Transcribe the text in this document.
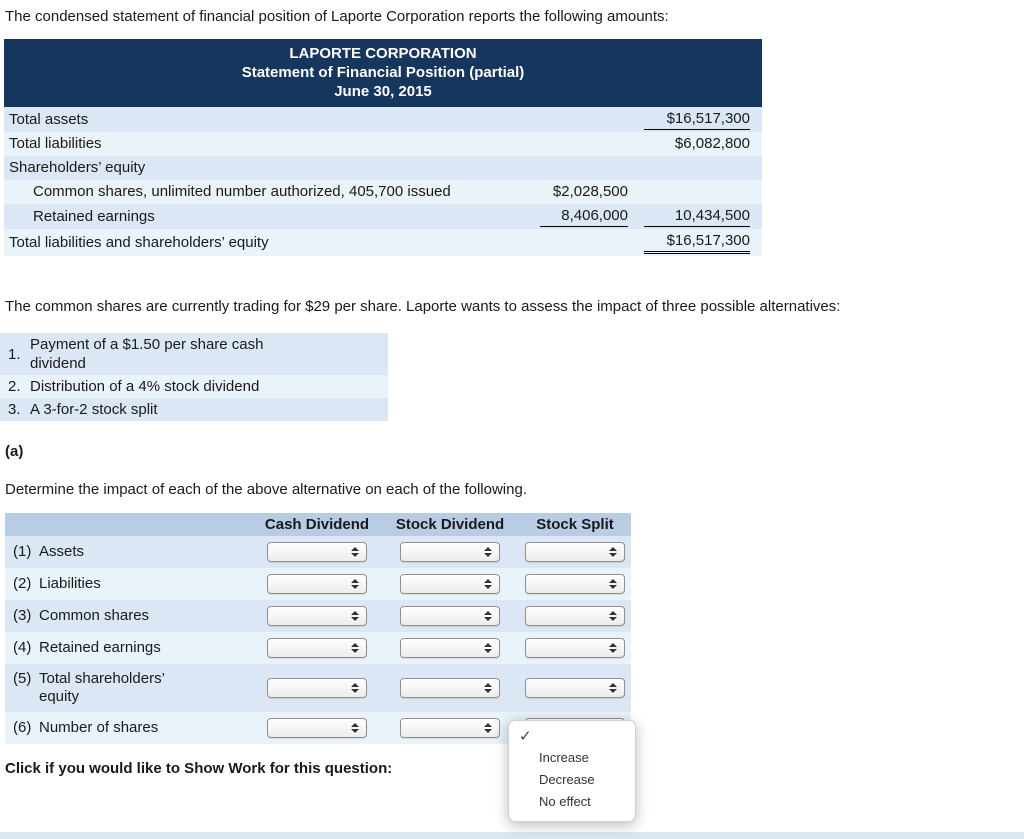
The condensed statement of financial position of Laporte Corporation reports the following amounts:

LAPORTE CORPORATION
Statement of Financial Position (partial)
June 30, 2015
Total assets		$16,517,300
Total liabilities		$6,082,800
Shareholders’ equity		
Common shares, unlimited number authorized, 405,700 issued	$2,028,500	
Retained earnings	8,406,000	10,434,500
Total liabilities and shareholders’ equity		$16,517,300

The common shares are currently trading for $29 per share. Laporte wants to assess the impact of three possible alternatives:

1.
Payment of a $1.50 per share cash dividend
2. Distribution of a 4% stock dividend
3. A 3-for-2 stock split

(a)

Determine the impact of each of the above alternative on each of the following.

	Cash Dividend	Stock Dividend	Stock Split
(1) Assets	

(2) Liabilities	

(3) Common shares	

(4) Retained earnings	

(5) Total shareholders’ equity	

(6) Number of shares	

Click if you would like to Show Work for this question:
✓
Increase
Decrease
No effect
